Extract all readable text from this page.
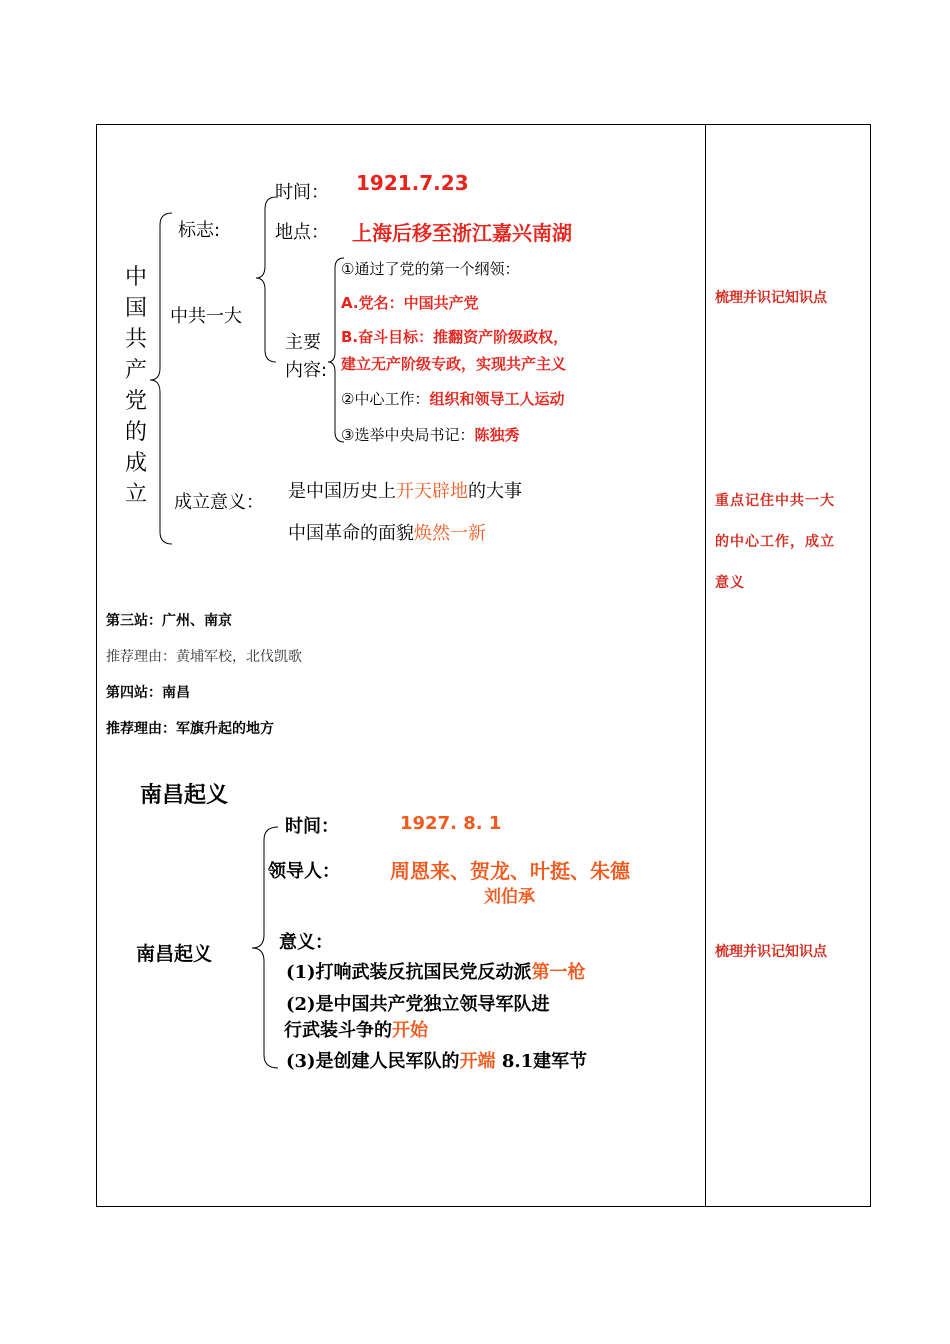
中
国
共
产
党
的
成
立
标志:
中共一大
时间： 1921.7.23
地点： 上海后移至浙江嘉兴南湖
主要
内容:
①通过了党的第一个纲领：
A.党名：中国共产党
B.奋斗目标：推翻资产阶级政权，
建立无产阶级专政，实现共产主义
②中心工作：组织和领导工人运动
③选举中央局书记：陈独秀
成立意义：
是中国历史上开天辟地的大事
中国革命的面貌焕然一新
第三站：广州、南京
推荐理由：黄埔军校，北伐凯歌
第四站：南昌
推荐理由：军旗升起的地方
南昌起义
南昌起义
时间：	1927. 8. 1
领导人：	周恩来、贺龙、叶挺、朱德
刘伯承
意义：
(1)打响武装反抗国民党反动派第一枪
(2)是中国共产党独立领导军队进
行武装斗争的开始
(3)是创建人民军队的开端 8.1建军节
梳理并识记知识点
重点记住中共一大
的中心工作，成立
意义
梳理并识记知识点
